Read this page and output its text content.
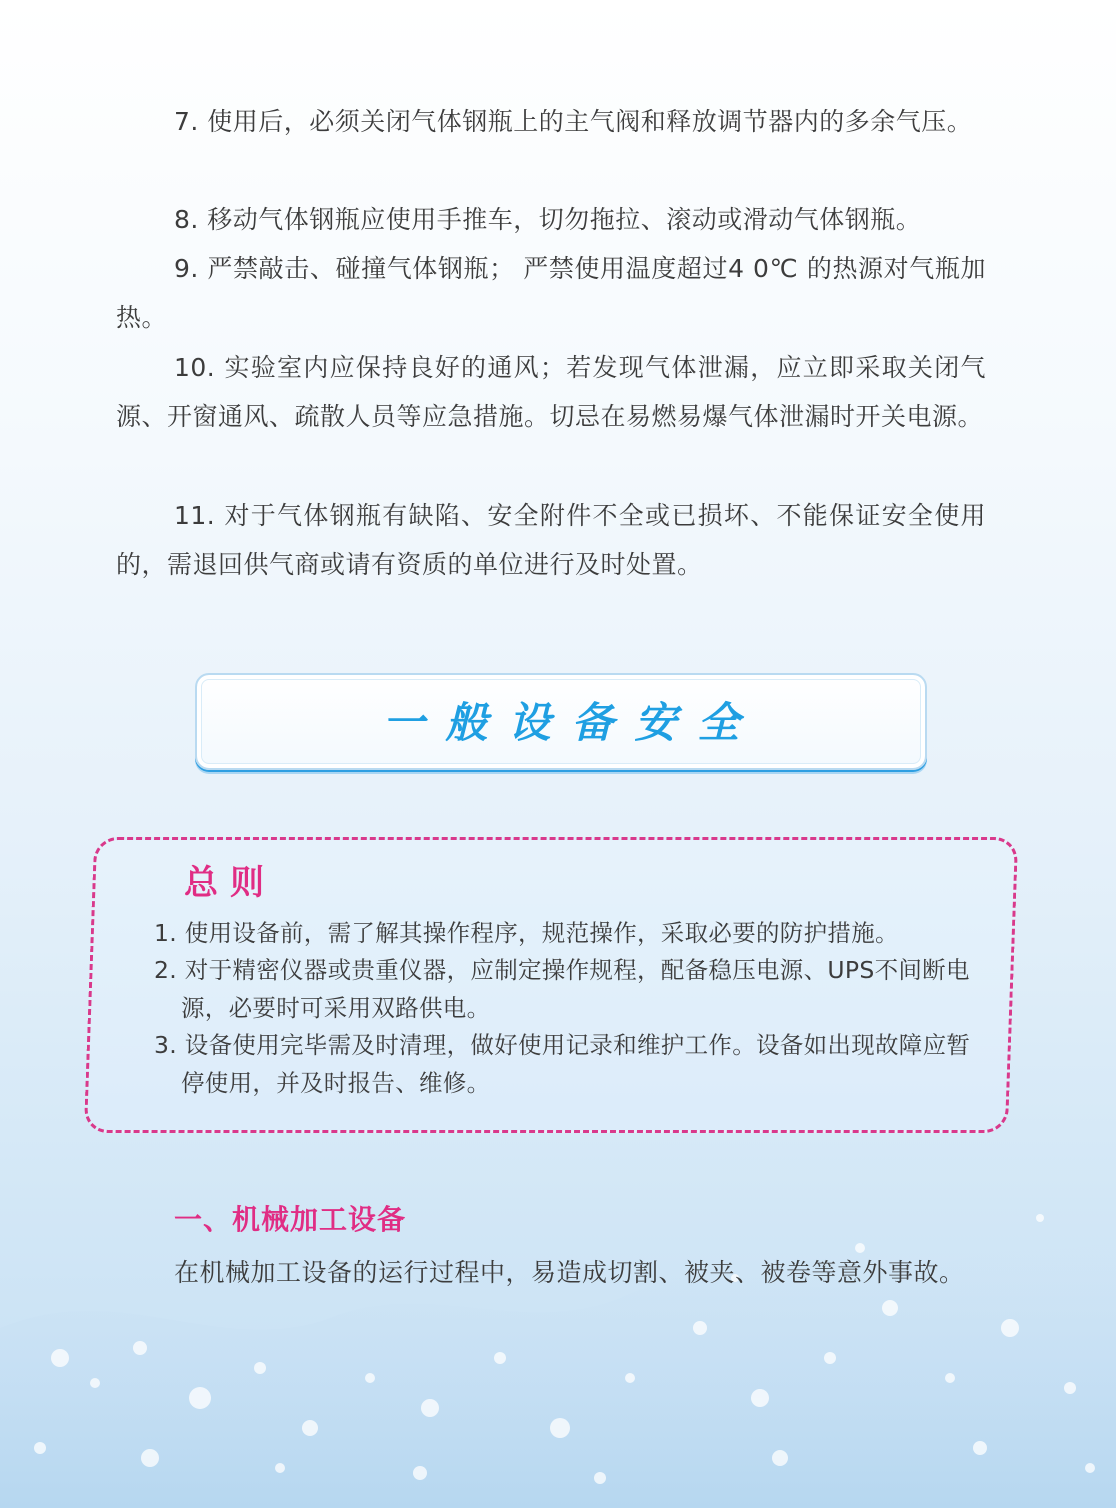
7. 使用后，必须关闭气体钢瓶上的主气阀和释放调节器内的多余气压。

8. 移动气体钢瓶应使用手推车，切勿拖拉、滚动或滑动气体钢瓶。

9. 严禁敲击、碰撞气体钢瓶； 严禁使用温度超过4 0℃ 的热源对气瓶加热。

10. 实验室内应保持良好的通风；若发现气体泄漏，应立即采取关闭气源、开窗通风、疏散人员等应急措施。切忌在易燃易爆气体泄漏时开关电源。

11. 对于气体钢瓶有缺陷、安全附件不全或已损坏、不能保证安全使用的，需退回供气商或请有资质的单位进行及时处置。

一般设备安全
总则

1. 使用设备前，需了解其操作程序，规范操作，采取必要的防护措施。

2. 对于精密仪器或贵重仪器，应制定操作规程，配备稳压电源、UPS不间断电源，必要时可采用双路供电。

3. 设备使用完毕需及时清理，做好使用记录和维护工作。设备如出现故障应暂停使用，并及时报告、维修。

一、机械加工设备

在机械加工设备的运行过程中，易造成切割、被夹、被卷等意外事故。
